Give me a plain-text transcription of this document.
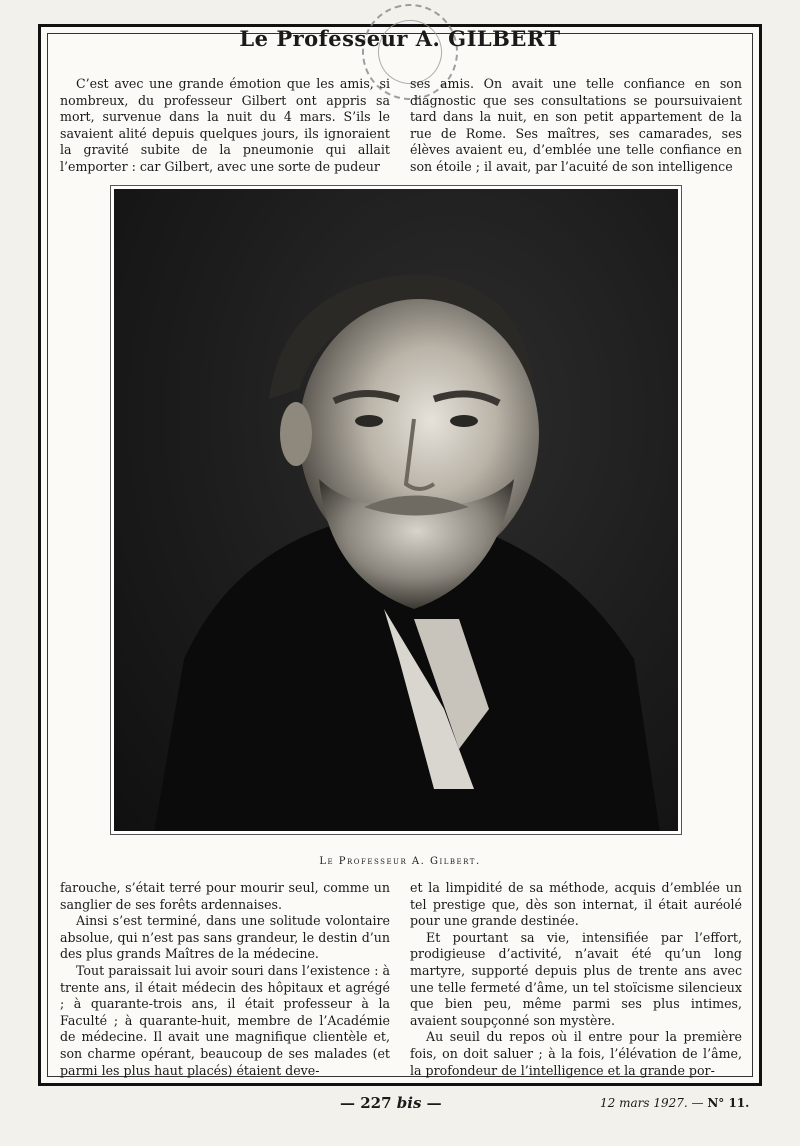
Le Professeur A. GILBERT

C’est avec une grande émotion que les amis, si nombreux, du professeur Gilbert ont appris sa mort, survenue dans la nuit du 4 mars. S’ils le savaient alité depuis quelques jours, ils ignoraient la gravité subite de la pneumonie qui allait l’emporter : car Gilbert, avec une sorte de pudeur

ses amis. On avait une telle confiance en son diagnostic que ses consultations se poursuivaient tard dans la nuit, en son petit appartement de la rue de Rome. Ses maîtres, ses camarades, ses élèves avaient eu, d’emblée une telle confiance en son étoile ; il avait, par l’acuité de son intelligence

Le Professeur A. Gilbert.

farouche, s’était terré pour mourir seul, comme un sanglier de ses forêts ardennaises.

Ainsi s’est terminé, dans une solitude volontaire absolue, qui n’est pas sans grandeur, le destin d’un des plus grands Maîtres de la médecine.

Tout paraissait lui avoir souri dans l’existence : à trente ans, il était médecin des hôpitaux et agrégé ; à quarante-trois ans, il était professeur à la Faculté ; à quarante-huit, membre de l’Académie de médecine. Il avait une magnifique clientèle et, son charme opérant, beaucoup de ses malades (et parmi les plus haut placés) étaient deve-

et la limpidité de sa méthode, acquis d’emblée un tel prestige que, dès son internat, il était auréolé pour une grande destinée.

Et pourtant sa vie, intensifiée par l’effort, prodigieuse d’activité, n’avait été qu’un long martyre, supporté depuis plus de trente ans avec une telle fermeté d’âme, un tel stoïcisme silencieux que bien peu, même parmi ses plus intimes, avaient soupçonné son mystère.

Au seuil du repos où il entre pour la première fois, on doit saluer ; à la fois, l’élévation de l’âme, la profondeur de l’intelligence et la grande por-

— 227 bis —	12 mars 1927. — N° 11.
